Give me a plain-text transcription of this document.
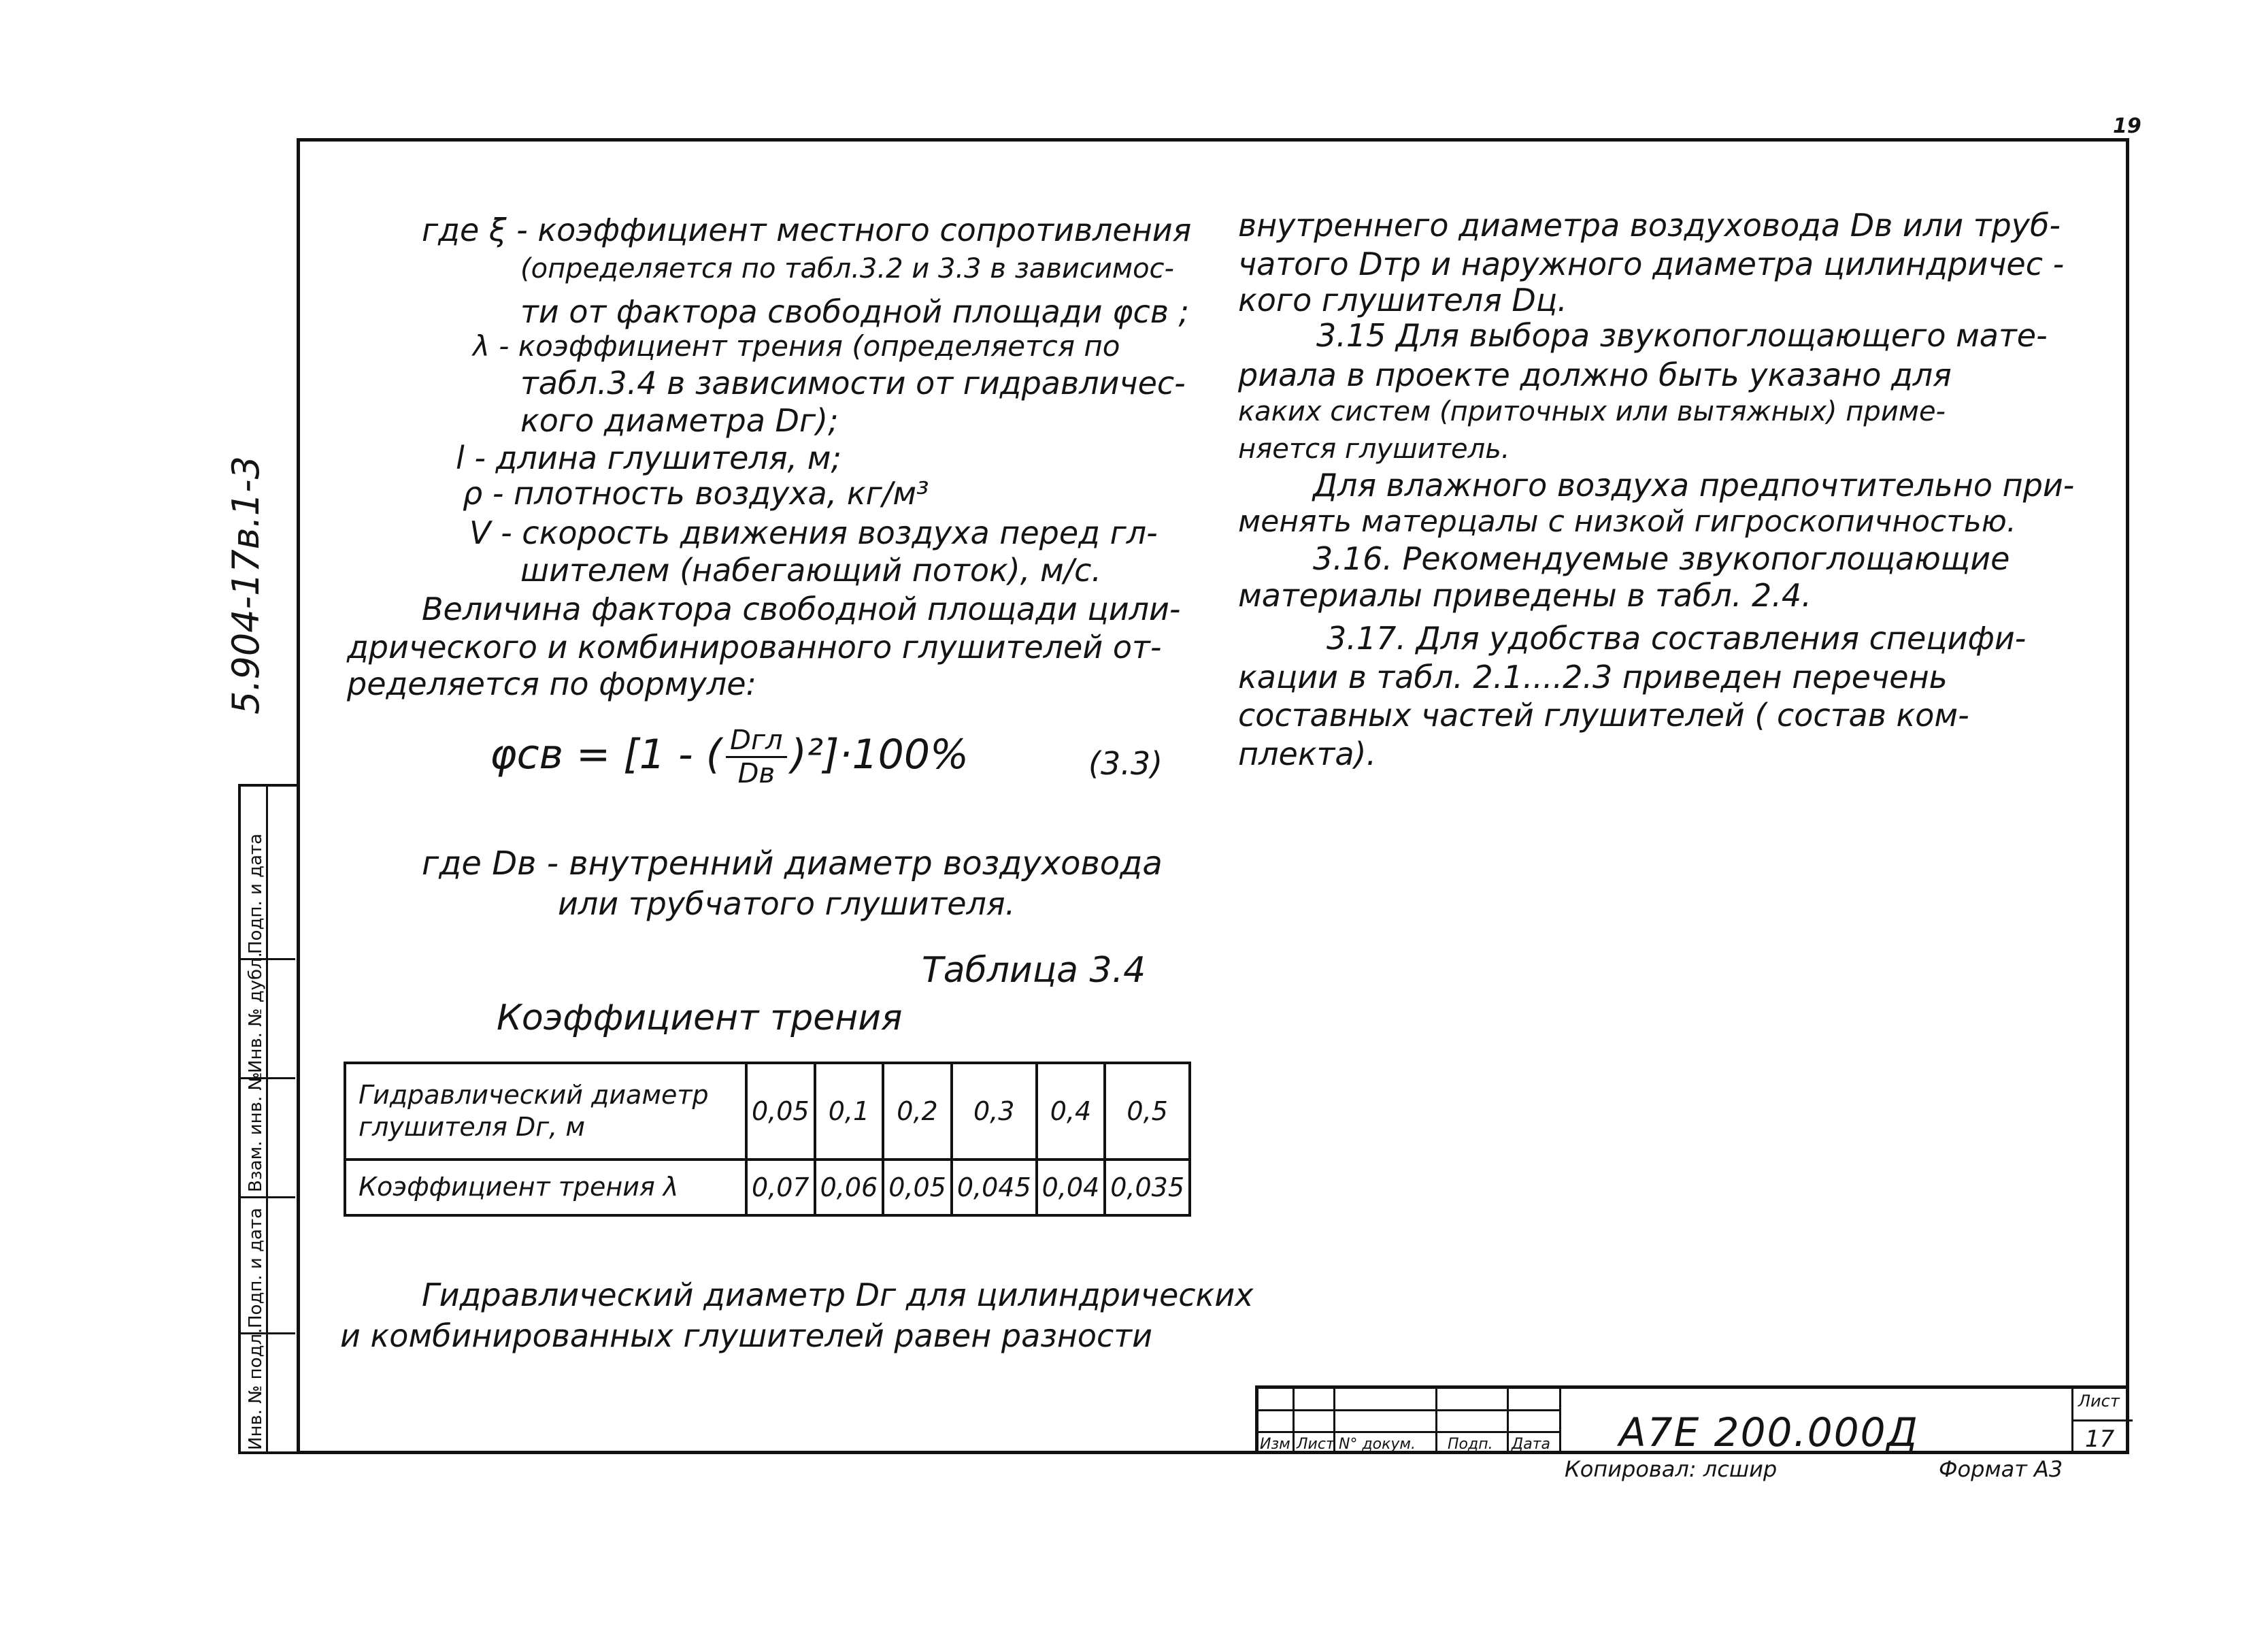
19
5.904-17в.1-3
Подп. и дата
Инв. № дубл.
Взам. инв. №
Подп. и дата
Инв. № подл.
где ξ - коэффициент местного сопротивления
(определяется по табл.3.2 и 3.3 в зависимос-
ти от фактора свободной площади φсв ;
λ - коэффициент трения (определяется по
табл.3.4 в зависимости от гидравличес-
кого диаметра Dг);
l - длина глушителя, м;
ρ - плотность воздуха, кг/м³
V - скорость движения воздуха перед гл-
шителем (набегающий поток), м/с.
Величина фактора свободной площади цили-
дрического и комбинированного глушителей от-
ределяется по формуле:
φсв = [1 - ( $\frac{\text{Dгл}}{Dв} )^2]\cdot 100\%$	(3.3)
где Dв - внутренний диаметр воздуховода
или трубчатого глушителя.
Таблица 3.4
Коэффициент трения
Гидравлический диаметр глушителя Dг, м	0,05	0,1	0,2	0,3	0,4	0,5
Коэффициент трения λ	0,07	0,06	0,05	0,045	0,04	0,035
Гидравлический диаметр Dг для цилиндрических
и комбинированных глушителей равен разности
внутреннего диаметра воздуховода Dв или труб-
чатого Dтр и наружного диаметра цилиндричес -
кого глушителя Dц.
3.15 Для выбора звукопоглощающего мате-
риала в проекте должно быть указано для
каких систем (приточных или вытяжных) приме-
няется глушитель.
Для влажного воздуха предпочтительно при-
менять матерцалы с низкой гигроскопичностью.
3.16. Рекомендуемые звукопоглощающие
материалы приведены в табл. 2.4.
3.17. Для удобства составления специфи-
кации в табл. 2.1....2.3 приведен перечень
составных частей глушителей ( состав ком-
плекта).
Изм Лист N° докум. Подп. Дата А7Е 200.000Д
Лист
17
Копировал: лсшир	Формат А3
